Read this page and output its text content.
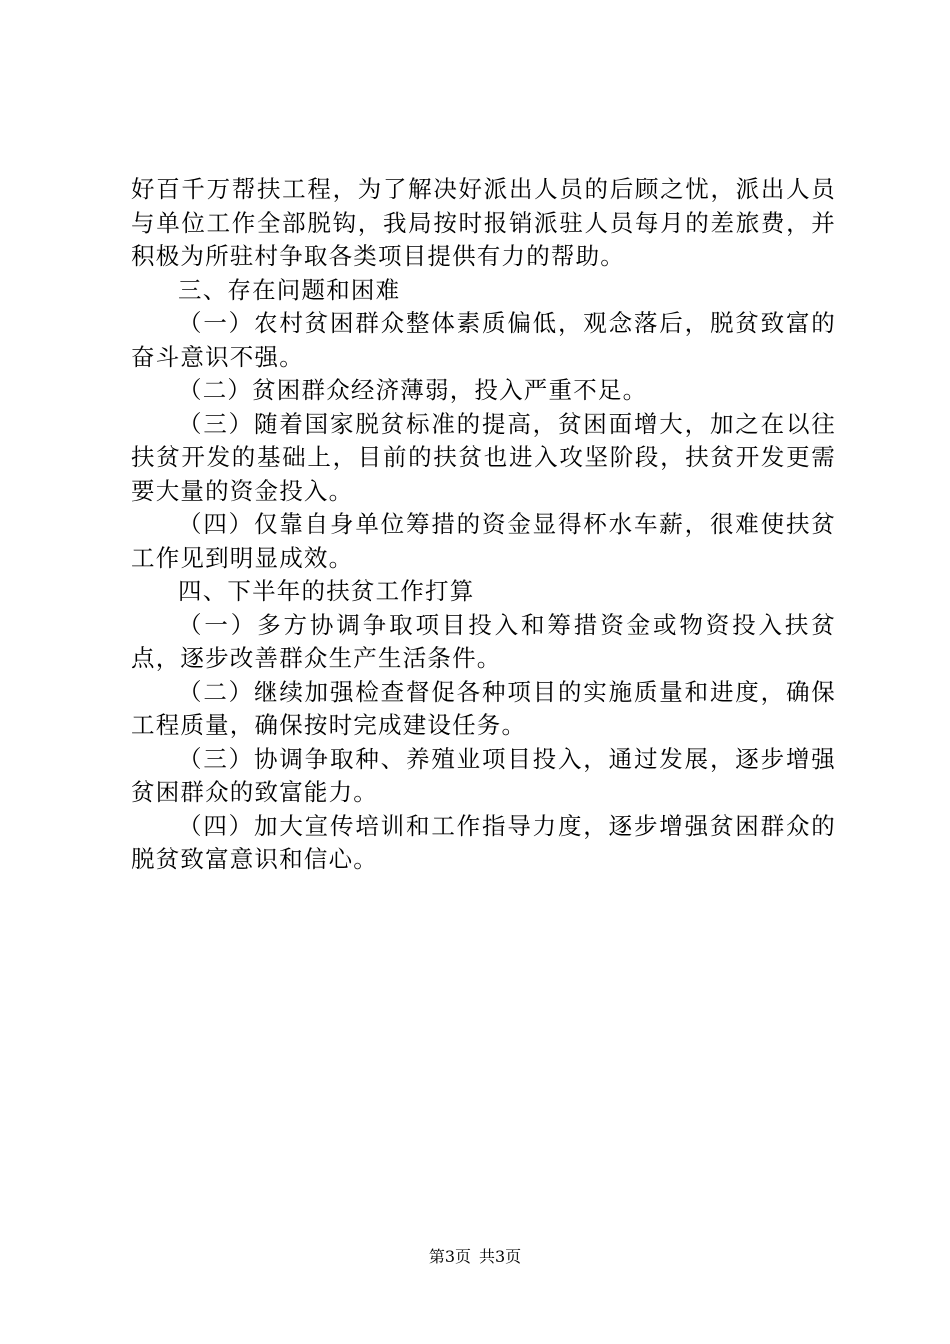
好百千万帮扶工程，为了解决好派出人员的后顾之忧，派出人员与单位工作全部脱钩，我局按时报销派驻人员每月的差旅费，并积极为所驻村争取各类项目提供有力的帮助。

三、存在问题和困难

（一）农村贫困群众整体素质偏低，观念落后，脱贫致富的奋斗意识不强。

（二）贫困群众经济薄弱，投入严重不足。

（三）随着国家脱贫标准的提高，贫困面增大，加之在以往扶贫开发的基础上，目前的扶贫也进入攻坚阶段，扶贫开发更需要大量的资金投入。

（四）仅靠自身单位筹措的资金显得杯水车薪，很难使扶贫工作见到明显成效。

四、下半年的扶贫工作打算

（一）多方协调争取项目投入和筹措资金或物资投入扶贫点，逐步改善群众生产生活条件。

（二）继续加强检查督促各种项目的实施质量和进度，确保工程质量，确保按时完成建设任务。

（三）协调争取种、养殖业项目投入，通过发展，逐步增强贫困群众的致富能力。

（四）加大宣传培训和工作指导力度，逐步增强贫困群众的脱贫致富意识和信心。

第3页 共3页
